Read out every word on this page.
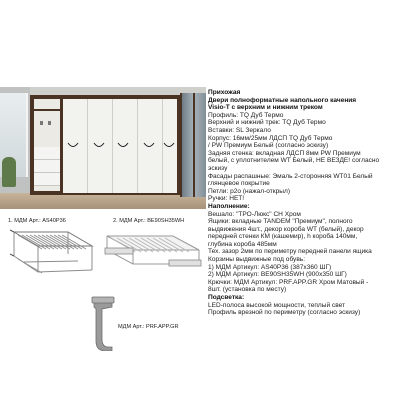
1. МДМ Арт.: AS40P36	2. МДМ Арт.: BE90SH35WH
МДМ Арт.: PRF.APP.GR
Прихожая
Двери полноформатные напольного качения
Visio-T с верхним и нижним треком
Профиль: TQ Дуб Термо
Верхний и нижний трек: TQ Дуб Термо
Вставки: SL Зеркало
Корпус: 16мм/25мм ЛДСП TQ Дуб Термо
/ PW Премиум Белый (согласно эскизу)
Задняя стенка: вкладная ЛДСП 8мм PW Премиум
белый, с уплотнителем WT Белый, НЕ ВЕЗДЕ! согласно
эскизу
Фасады распашные: Эмаль 2-сторонняя WT01 Белый
глянцевое покрытие
Петли: p2o (нажал-открыл)
Ручки: НЕТ!
Наполнение:
Вешало: "ТРО-Люкс" СН Хром
Ящики: вкладные TANDEM "Премиум", полного
выдвижения 4шт., декор короба WT (белый), декор
передней стенки КМ (кашемир), h короба 140мм,
глубина короба 485мм
Тех. зазор 2мм по периметру передней панели ящика
Корзины выдвижные под обувь:
1) МДМ Артикул: AS40P36 (387х360 ШГ)
2) МДМ Артикул: BE90SH35WH (900х350 ШГ)
Крючки: МДМ Артикул: PRF.APP.GR Хром Матовый -
8шт. (установка по месту)
Подсветка:
LED-полоса высокой мощности, теплый свет
Профиль врезной по периметру (согласно эскизу)
